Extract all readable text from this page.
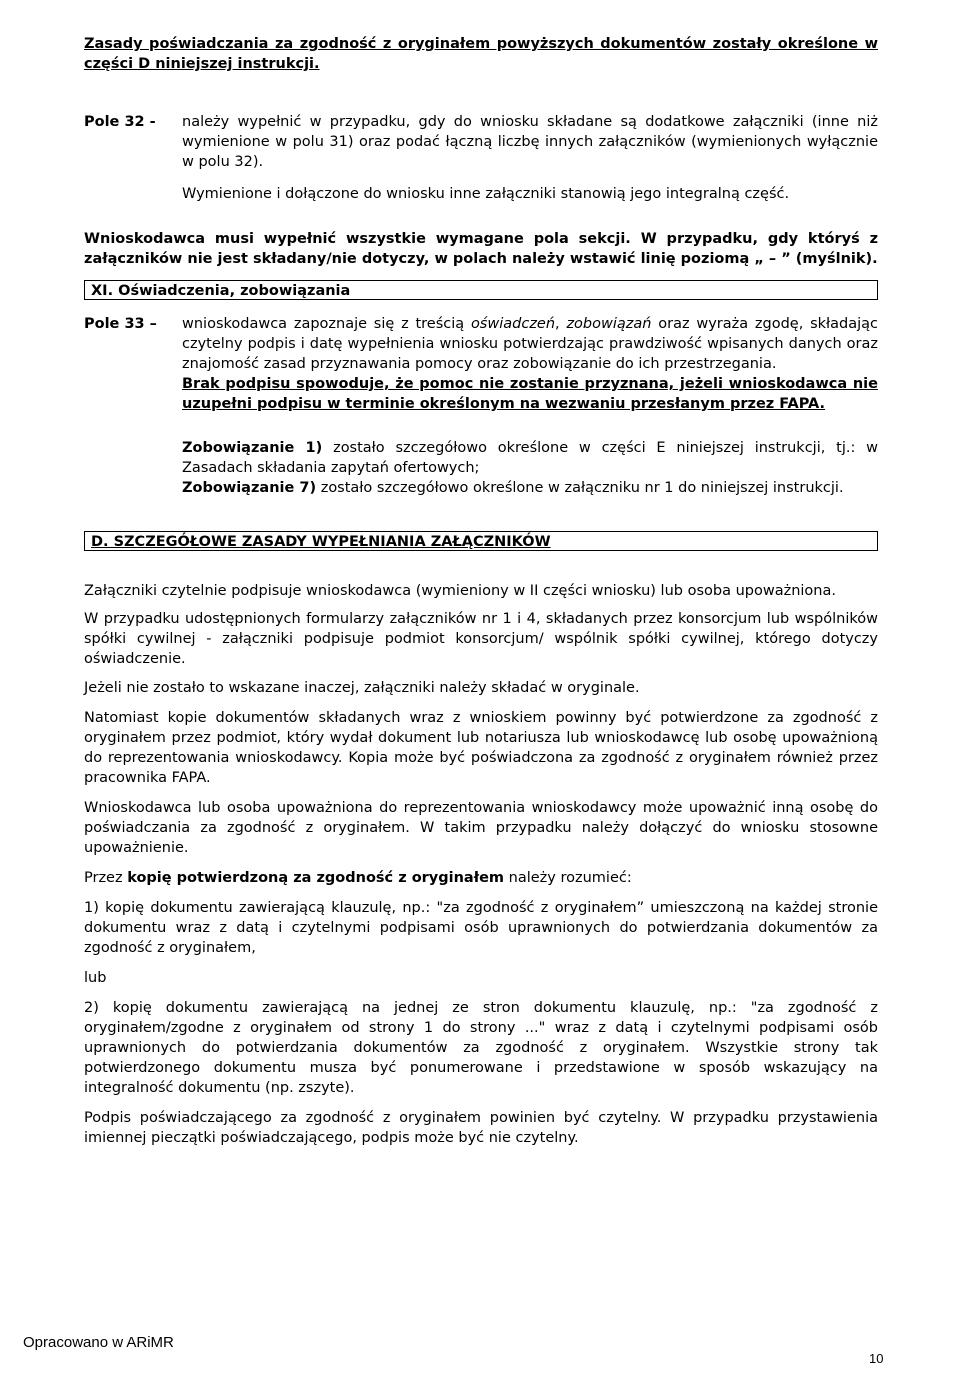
Zasady poświadczania za zgodność z oryginałem powyższych dokumentów zostały określone w części D niniejszej instrukcji.

Pole 32 -	należy wypełnić w przypadku, gdy do wniosku składane są dodatkowe załączniki (inne niż wymienione w polu 31) oraz podać łączną liczbę innych załączników (wymienionych wyłącznie w polu 32).

Wymienione i dołączone do wniosku inne załączniki stanowią jego integralną część.

Wnioskodawca musi wypełnić wszystkie wymagane pola sekcji. W przypadku, gdy któryś z załączników nie jest składany/nie dotyczy, w polach należy wstawić linię poziomą „ – ” (myślnik).

XI. Oświadczenia, zobowiązania
Pole 33 –	wnioskodawca zapoznaje się z treścią oświadczeń, zobowiązań oraz wyraża zgodę, składając czytelny podpis i datę wypełnienia wniosku potwierdzając prawdziwość wpisanych danych oraz znajomość zasad przyznawania pomocy oraz zobowiązanie do ich przestrzegania.

Brak podpisu spowoduje, że pomoc nie zostanie przyznana, jeżeli wnioskodawca nie uzupełni podpisu w terminie określonym na wezwaniu przesłanym przez FAPA.

Zobowiązanie 1) zostało szczegółowo określone w części E niniejszej instrukcji, tj.: w Zasadach składania zapytań ofertowych;

Zobowiązanie 7) zostało szczegółowo określone w załączniku nr 1 do niniejszej instrukcji.

D. SZCZEGÓŁOWE ZASADY WYPEŁNIANIA ZAŁĄCZNIKÓW

Załączniki czytelnie podpisuje wnioskodawca (wymieniony w II części wniosku) lub osoba upoważniona.

W przypadku udostępnionych formularzy załączników nr 1 i 4, składanych przez konsorcjum lub wspólników spółki cywilnej - załączniki podpisuje podmiot konsorcjum/ wspólnik spółki cywilnej, którego dotyczy oświadczenie.

Jeżeli nie zostało to wskazane inaczej, załączniki należy składać w oryginale.

Natomiast kopie dokumentów składanych wraz z wnioskiem powinny być potwierdzone za zgodność z oryginałem przez podmiot, który wydał dokument lub notariusza lub wnioskodawcę lub osobę upoważnioną do reprezentowania wnioskodawcy. Kopia może być poświadczona za zgodność z oryginałem również przez pracownika FAPA.

Wnioskodawca lub osoba upoważniona do reprezentowania wnioskodawcy może upoważnić inną osobę do poświadczania za zgodność z oryginałem. W takim przypadku należy dołączyć do wniosku stosowne upoważnienie.

Przez kopię potwierdzoną za zgodność z oryginałem należy rozumieć:

1) kopię dokumentu zawierającą klauzulę, np.: "za zgodność z oryginałem” umieszczoną na każdej stronie dokumentu wraz z datą i czytelnymi podpisami osób uprawnionych do potwierdzania dokumentów za zgodność z oryginałem,

lub

2) kopię dokumentu zawierającą na jednej ze stron dokumentu klauzulę, np.: "za zgodność z oryginałem/zgodne z oryginałem od strony 1 do strony ..." wraz z datą i czytelnymi podpisami osób uprawnionych do potwierdzania dokumentów za zgodność z oryginałem. Wszystkie strony tak potwierdzonego dokumentu musza być ponumerowane i przedstawione w sposób wskazujący na integralność dokumentu (np. zszyte).

Podpis poświadczającego za zgodność z oryginałem powinien być czytelny. W przypadku przystawienia imiennej pieczątki poświadczającego, podpis może być nie czytelny.

Opracowano w ARiMR
10
